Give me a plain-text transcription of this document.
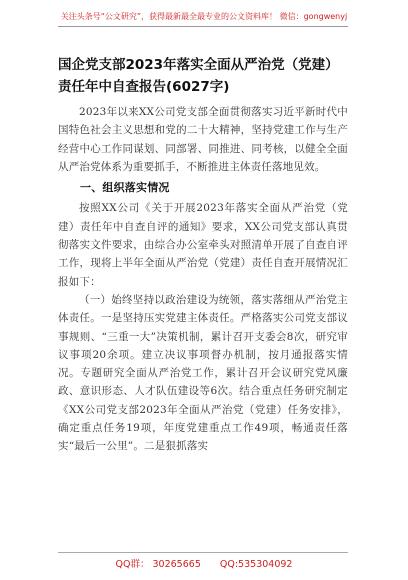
关注头条号“公文研究”，获得最新最全最专业的公文资料库！ 微信：gongwenyj
国企党支部2023年落实全面从严治党（党建）责任年中自查报告(6027字)

2023年以来XX公司党支部全面贯彻落实习近平新时代中国特色社会主义思想和党的二十大精神，坚持党建工作与生产经营中心工作同谋划、同部署、同推进、同考核，以健全全面从严治党体系为重要抓手，不断推进主体责任落地见效。

一、组织落实情况

按照XX公司《关于开展2023年落实全面从严治党（党建）责任年中自查自评的通知》要求，XX公司党支部认真贯彻落实文件要求，由综合办公室牵头对照清单开展了自查自评工作，现将上半年全面从严治党（党建）责任自查开展情况汇报如下：

（一）始终坚持以政治建设为统领，落实落细从严治党主体责任。一是坚持压实党建主体责任。严格落实公司党支部议事规则、“三重一大”决策机制，累计召开支委会8次，研究审议事项20余项。建立决议事项督办机制，按月通报落实情况。专题研究全面从严治党工作，累计召开会议研究党风廉政、意识形态、人才队伍建设等6次。结合重点任务研究制定《XX公司党支部2023年全面从严治党（党建）任务安排》，确定重点任务19项，年度党建重点工作49项，畅通责任落实“最后一公里”。二是狠抓落实

QQ群： 30265665 QQ:535304092
